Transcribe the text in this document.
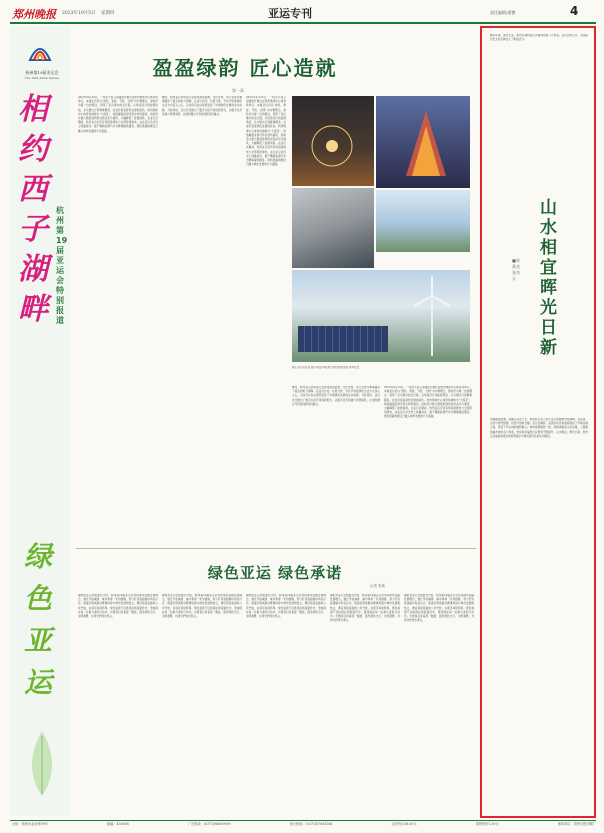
郑州晚报 2023年10月5日 星期四	亚运专刊	责任编辑/梁德	4
杭州第19届亚运会
The 19th Asian Games
相约西子湖畔
杭州第19届亚运会特别报道
绿色亚运
盈盈绿韵 匠心造就
第一章
2023年9月23日，一场宏大而又浪漫的开幕式在杭州奥体中心体育场举行。本届亚运会以“绿色、智能、节俭、文明”为办赛理念，绿色作为第一位的理念，贯穿了亚运筹办的全过程。从场馆设计到能源供给，从交通出行到赛事服务，处处彰显着绿色发展的底色。杭州奥体中心体育场被称为“大莲花”，场馆屋面采用可再生材料建造，结构设计最大限度地利用自然采光与通风，大幅降低了能源消耗。在亚运会期间，杭州亚运会所有场馆常规电力全部使用绿电，这在亚运会历史上尚属首次。数千辆新能源汽车为赛事提供服务，绿色低碳的理念已融入城市发展的方方面面。
赛时，杭州亚运会场馆大量使用清洁能源，光伏发电、风力发电为赛事提供了稳定的电力保障。在亚运村内，垃圾分类、节水节电等绿色生活方式深入人心，运动员们在这里感受到了中国绿色发展的生动实践。与此同时，亚运会还推出了数字火炬手等创新形式，以数字化手段减少资源消耗，让绿色理念与科技创新有机融合。
2023年9月23日，一场宏大而又浪漫的开幕式在杭州奥体中心体育场举行。本届亚运会以“绿色、智能、节俭、文明”为办赛理念，绿色作为第一位的理念，贯穿了亚运筹办的全过程。从场馆设计到能源供给，从交通出行到赛事服务，处处彰显着绿色发展的底色。杭州奥体中心体育场被称为“大莲花”，场馆屋面采用可再生材料建造，结构设计最大限度地利用自然采光与通风，大幅降低了能源消耗。在亚运会期间，杭州亚运会所有场馆常规电力全部使用绿电，这在亚运会历史上尚属首次。数千辆新能源汽车为赛事提供服务，绿色低碳的理念已融入城市发展的方方面面。
图①亚运村夜景 图②场馆外观 图③绿色能源设施 新华社发
赛时，杭州亚运会场馆大量使用清洁能源，光伏发电、风力发电为赛事提供了稳定的电力保障。在亚运村内，垃圾分类、节水节电等绿色生活方式深入人心，运动员们在这里感受到了中国绿色发展的生动实践。与此同时，亚运会还推出了数字火炬手等创新形式，以数字化手段减少资源消耗，让绿色理念与科技创新有机融合。
2023年9月23日，一场宏大而又浪漫的开幕式在杭州奥体中心体育场举行。本届亚运会以“绿色、智能、节俭、文明”为办赛理念，绿色作为第一位的理念，贯穿了亚运筹办的全过程。从场馆设计到能源供给，从交通出行到赛事服务，处处彰显着绿色发展的底色。杭州奥体中心体育场被称为“大莲花”，场馆屋面采用可再生材料建造，结构设计最大限度地利用自然采光与通风，大幅降低了能源消耗。在亚运会期间，杭州亚运会所有场馆常规电力全部使用绿电，这在亚运会历史上尚属首次。数千辆新能源汽车为赛事提供服务，绿色低碳的理念已融入城市发展的方方面面。
绿色亚运 绿色承诺
记者 张新
据杭州亚运会组委会介绍，杭州第19届亚运会坚持绿色低碳发展理念，通过节能减排、碳中和等一系列措施，努力打造首届碳中和亚运会。组委会积极推动赛事场馆与城市发展相结合，赛后场馆将面向公众开放，实现可持续利用。绿色承诺不仅体现在场馆建设中，更体现在每一位参与者的行动中。志愿者们身着统一服装，倡导绿色出行、文明观赛，共同守护绿水青山。
据杭州亚运会组委会介绍，杭州第19届亚运会坚持绿色低碳发展理念，通过节能减排、碳中和等一系列措施，努力打造首届碳中和亚运会。组委会积极推动赛事场馆与城市发展相结合，赛后场馆将面向公众开放，实现可持续利用。绿色承诺不仅体现在场馆建设中，更体现在每一位参与者的行动中。志愿者们身着统一服装，倡导绿色出行、文明观赛，共同守护绿水青山。
据杭州亚运会组委会介绍，杭州第19届亚运会坚持绿色低碳发展理念，通过节能减排、碳中和等一系列措施，努力打造首届碳中和亚运会。组委会积极推动赛事场馆与城市发展相结合，赛后场馆将面向公众开放，实现可持续利用。绿色承诺不仅体现在场馆建设中，更体现在每一位参与者的行动中。志愿者们身着统一服装，倡导绿色出行、文明观赛，共同守护绿水青山。
据杭州亚运会组委会介绍，杭州第19届亚运会坚持绿色低碳发展理念，通过节能减排、碳中和等一系列措施，努力打造首届碳中和亚运会。组委会积极推动赛事场馆与城市发展相结合，赛后场馆将面向公众开放，实现可持续利用。绿色承诺不仅体现在场馆建设中，更体现在每一位参与者的行动中。志愿者们身着统一服装，倡导绿色出行、文明观赛，共同守护绿水青山。
据杭州亚运会组委会介绍，杭州第19届亚运会坚持绿色低碳发展理念，通过节能减排、碳中和等一系列措施，努力打造首届碳中和亚运会。组委会积极推动赛事场馆与城市发展相结合，赛后场馆将面向公众开放，实现可持续利用。绿色承诺不仅体现在场馆建设中，更体现在每一位参与者的行动中。志愿者们身着统一服装，倡导绿色出行、文明观赛，共同守护绿水青山。
群山环抱、碧水长流，杭州以独特的山水格局迎接八方来客。亚运会的召开，为这座历史文化名城注入了新的活力。
山水相宜 晖光日新
■周燕亮 张炎天
西湖烟波浩渺，钱塘江奔流不息，杭州的山水之美与亚运的激情交相辉映。在这里，古老与现代相遇，传统与创新交融。亚运会期间，各国运动员和游客漫步于苏堤白堤之间，感受千年古城的独特魅力。城市面貌焕然一新，绿道串联起山水景观，公园绿地遍布城市各个角落，市民的幸福感与获得感不断提升。山水相宜，晖光日新，杭州正以崭新的姿态向世界展示中国式现代化的生动图景。
社址：郑州市金水路99号	邮编：450008	广告热线：(0371)66669999	发行热线：(0371)67655166	定价每月38.00元	零售每份1.50元	承印单位：郑州日报印刷厂
